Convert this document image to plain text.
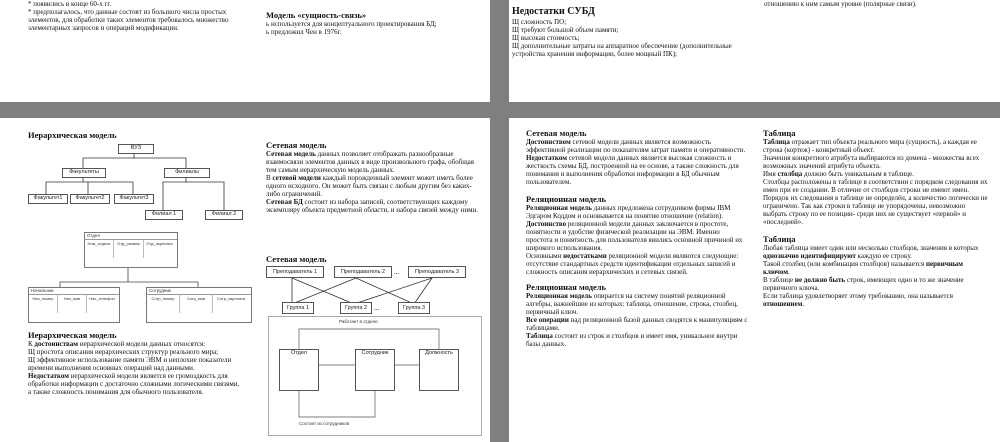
* появились в конце 60-х гг.

* предполагалось, что данные состоят из большого числа простых элементов, для обработки таких элементов требовалось множество элементарных запросов и операций модификации.

Модель «сущность-связь»

ь используется для концептуального проектирования БД;

ь предложил Чен в 1976г.

Недостатки СУБД

Щ сложность ПО;

Щ требуют большой объем памяти;

Щ высокая стоимость;

Щ дополнительные затраты на аппаратное обеспечение (дополнительные устройства хранения информации, более мощный ПК);

отношению к ним самым уровне (полярные связи).

Иерархическая модель

ВУЗ
Факультеты	Филиалы
Факультет1	Факультет2	Факультет3
Филиал 1	Филиал 2
Отдел
Ном_отдела Отд_размер Отд_зарплата
Начальник
Нач_номер	Нач_имя Нач_телефон
Сотрудник
Сотр_номер	Сотр_имя	Сотр_зарплата

Иерархическая модель

К достоинствам иерархической модели данных относятся:

Щ простота описания иерархических структур реального мира;

Щ эффективное использование памяти ЭВМ и неплохие показатели времени выполнения основных операций над данными.

Недостатком иерархической модели является ее громоздкость для обработки информации с достаточно сложными логическими связями, а также сложность понимания для обычного пользователя.

Сетевая модель

Сетевая модель данных позволяет отображать разнообразные взаимосвязи элементов данных в виде произвольного графа, обобщая тем самым иерархическую модель данных.

В сетевой модели каждый порожденный элемент может иметь более одного исходного. Он может быть связан с любым другим без каких-либо ограничений.

Сетевая БД состоит из набора записей, соответствующих каждому экземпляру объекта предметной области, и набора связей между ними.

Сетевая модель

Преподаватель 1	Преподаватель 2	...	Преподаватель 3
Группа 1	Группа 2 ...	Группа 3
Работает в отделе
Отдел	Сотрудник	Должность
Состоит из сотрудников

Сетевая модель

Достоинством сетевой модели данных является возможность эффективной реализации по показателям затрат памяти и оперативности.

Недостатком сетевой модели данных является высокая сложность и жесткость схемы БД, построенной на ее основе, а также сложность для понимания и выполнения обработки информации в БД обычным пользователем.

Реляционная модель

Реляционная модель данных предложена сотрудником фирмы IBM Эдгаром Коддом и основывается на понятии отношение (relation).

Достоинство реляционной модели данных заключается в простоте, понятности и удобстве физической реализации на ЭВМ. Именно простота и понятность для пользователя явились основной причиной их широкого использования.

Основными недостатками реляционной модели являются следующие: отсутствие стандартных средств идентификации отдельных записей и сложность описания иерархических и сетевых связей.

Реляционная модель

Реляционная модель опирается на систему понятий реляционной алгебры, важнейшие из которых: таблица, отношение, строка, столбец, первичный ключ.

Все операции над реляционной базой данных сводятся к манипуляциям с таблицами.

Таблица состоит из строк и столбцов и имеет имя, уникальное внутри базы данных.

Таблица

Таблица отражает тип объекта реального мира (сущность), а каждая ее строка (кортеж) - конкретный объект.

Значения конкретного атрибута выбираются из домена - множества всех возможных значений атрибута объекта.

Имя столбца должно быть уникальным в таблице.

Столбцы расположены в таблице в соответствии с порядком следования их имен при ее создании. В отличие от столбцов строки не имеют имен.

Порядок их следования в таблице не определён, а количество логически не ограничено. Так как строки в таблице не упорядочены, невозможно выбрать строку по ее позиции- среди них не существует «первой» и «последней».

Таблица

Любая таблица имеет один или несколько столбцов, значения в которых однозначно идентифицируют каждую ее строку.

Такой столбец (или комбинация столбцов) называется первичным ключом.

В таблице не должно быть строк, имеющих одно и то же значение первичного ключа.

Если таблица удовлетворяет этому требованию, она называется отношением.
